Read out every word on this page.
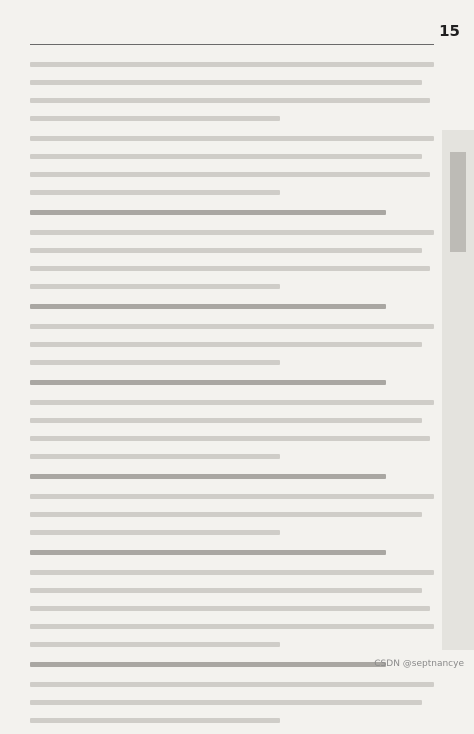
15
CSDN @septnancye
